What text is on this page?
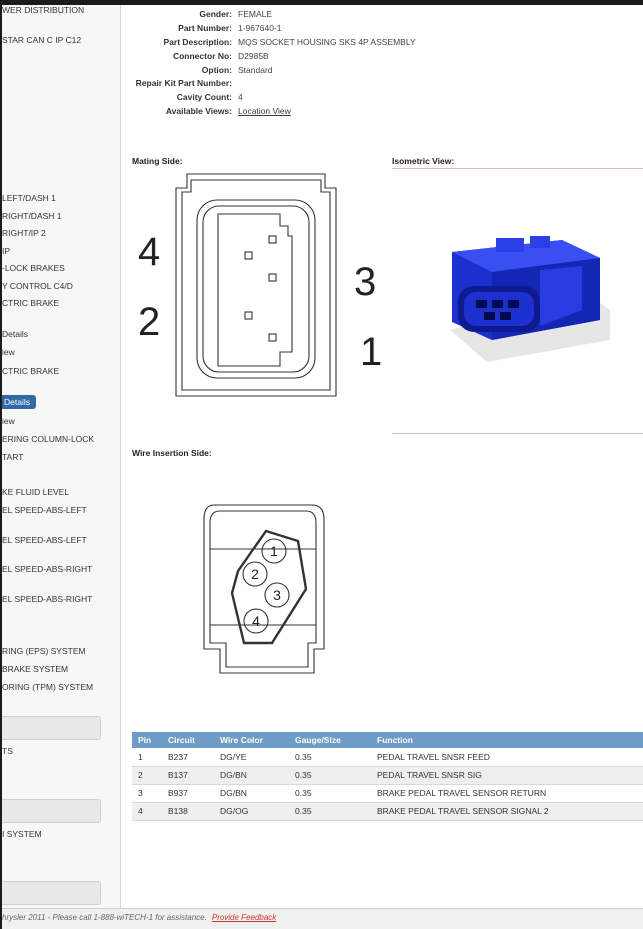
WER DISTRIBUTION
STAR CAN C IP C12
LEFT/DASH 1
RIGHT/DASH 1
RIGHT/IP 2
IP
-LOCK BRAKES
Y CONTROL C4/D
CTRIC BRAKE
Details
iew
CTRIC BRAKE
Details
iew
ERING COLUMN-LOCK
TART
KE FLUID LEVEL
EL SPEED-ABS-LEFT
EL SPEED-ABS-LEFT
EL SPEED-ABS-RIGHT
EL SPEED-ABS-RIGHT
RING (EPS) SYSTEM
BRAKE SYSTEM
ORING (TPM) SYSTEM
TS
I SYSTEM
Gender: FEMALE
Part Number: 1-967640-1
Part Description: MQS SOCKET HOUSING SKS 4P ASSEMBLY
Connector No: D2985B
Option: Standard
Repair Kit Part Number:
Cavity Count: 4
Available Views: Location View
Mating Side:
4
2
3
1
Isometric View:
Wire Insertion Side:
1
2
3
4
Pin	Circuit	Wire Color	Gauge/Size	Function
1	B237	DG/YE	0.35	PEDAL TRAVEL SNSR FEED
2	B137	DG/BN	0.35	PEDAL TRAVEL SNSR SIG
3	B937	DG/BN	0.35	BRAKE PEDAL TRAVEL SENSOR RETURN
4	B138	DG/OG	0.35	BRAKE PEDAL TRAVEL SENSOR SIGNAL 2
hrysler 2011 - Please call 1-888-wiTECH-1 for assistance. Provide Feedback
